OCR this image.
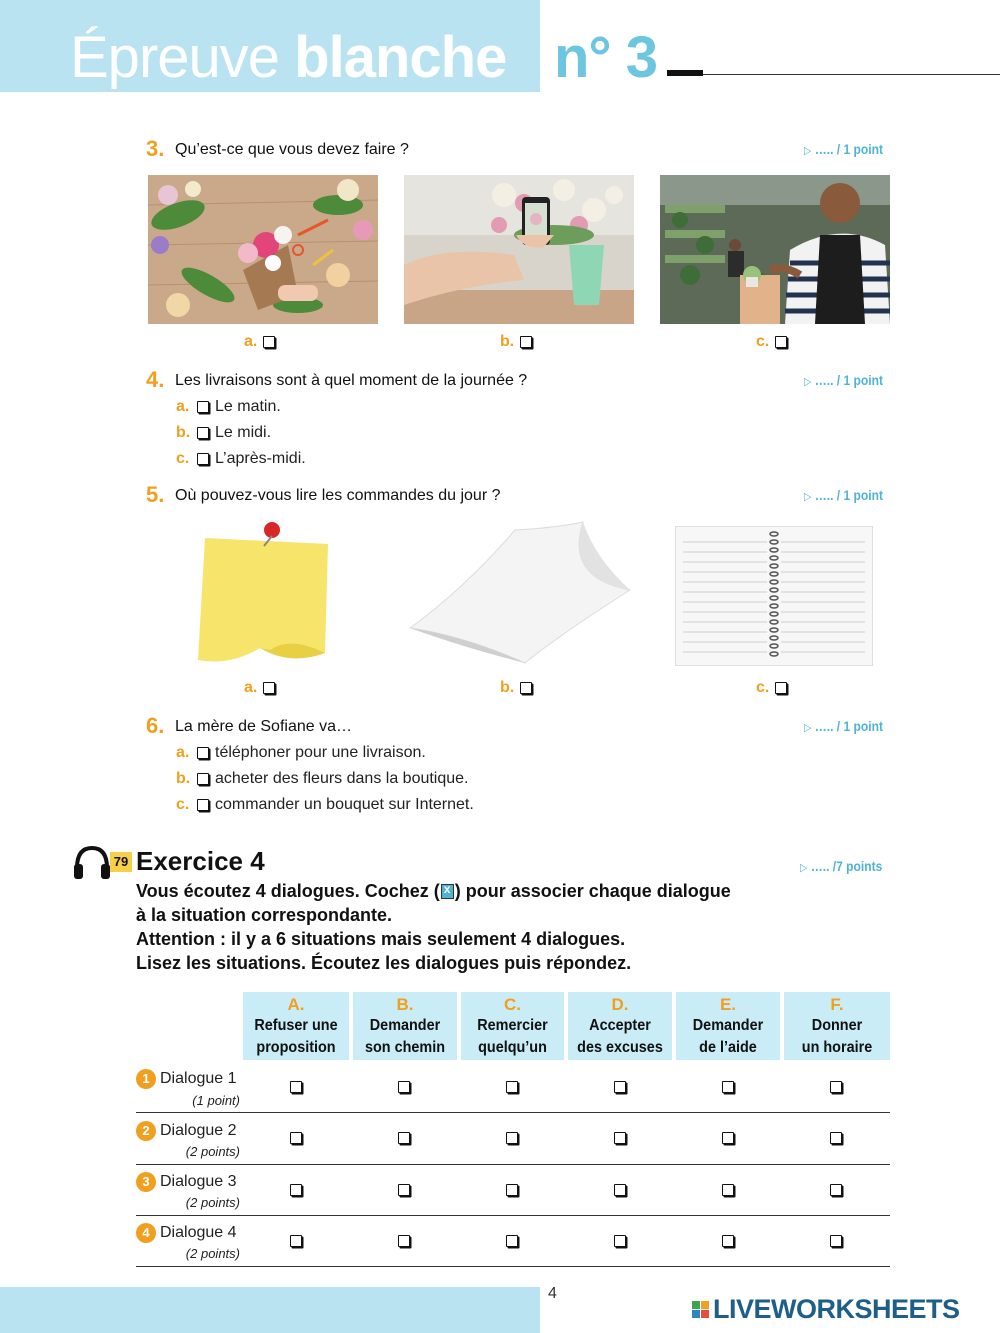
Épreuve blanche n° 3
3. Qu’est-ce que vous devez faire ?	▷ ….. / 1 point
a.	b.	c.
4. Les livraisons sont à quel moment de la journée ?	▷ ….. / 1 point
a.	Le matin.
b.	Le midi.
c.	L’après-midi.
5. Où pouvez-vous lire les commandes du jour ?	▷ ….. / 1 point
a.	b.	c.
6. La mère de Sofiane va…	▷ ….. / 1 point
a.	téléphoner pour une livraison.
b.	acheter des fleurs dans la boutique.
c.	commander un bouquet sur Internet.
79 Exercice 4	▷ ….. /7 points
Vous écoutez 4 dialogues. Cochez (x ) pour associer chaque dialogue
à la situation correspondante.
Attention : il y a 6 situations mais seulement 4 dialogues.
Lisez les situations. Écoutez les dialogues puis répondez.
A.
Refuser une
proposition
B.
Demander
son chemin
C.
Remercier
quelqu’un
D.
Accepter
des excuses
E.
Demander
de l’aide
F.
Donner
un horaire
1 Dialogue 1
(1 point)
2 Dialogue 2
(2 points)
3 Dialogue 3
(2 points)
4 Dialogue 4
(2 points)
4
LIVEWORKSHEETS
